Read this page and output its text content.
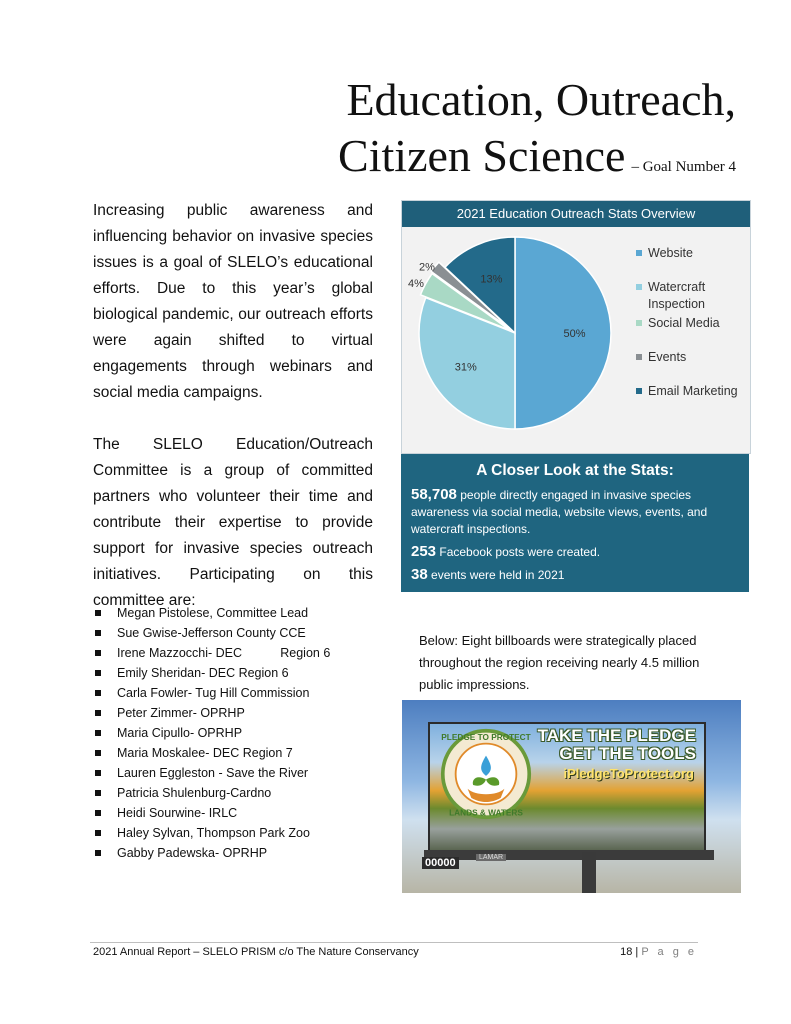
Education, Outreach,
Citizen Science – Goal Number 4

Increasing public awareness and influencing behavior on invasive species issues is a goal of SLELO’s educational efforts. Due to this year’s global biological pandemic, our outreach efforts were again shifted to virtual engagements through webinars and social media campaigns.

The SLELO Education/Outreach Committee is a group of committed partners who volunteer their time and contribute their expertise to provide support for invasive species outreach initiatives. Participating on this committee are:

Megan Pistolese, Committee Lead
Sue Gwise-Jefferson County CCE
Irene Mazzocchi- DEC           Region 6
Emily Sheridan- DEC Region 6
Carla Fowler- Tug Hill Commission
Peter Zimmer- OPRHP
Maria Cipullo- OPRHP
Maria Moskalee- DEC Region 7
Lauren Eggleston - Save the River
Patricia Shulenburg-Cardno
Heidi Sourwine- IRLC
Haley Sylvan, Thompson Park Zoo
Gabby Padewska- OPRHP
2021 Education Outreach Stats Overview
50%
31%
4%
2%
13%
Website
Watercraft Inspection
Social Media
Events
Email Marketing
A Closer Look at the Stats:
58,708 people directly engaged in invasive species awareness via social media, website views, events, and watercraft inspections.
253 Facebook posts were created.
38 events were held in 2021
Below: Eight billboards were strategically placed throughout the region receiving nearly 4.5 million public impressions.
PLEDGE TO PROTECT
LANDS & WATERS
TAKE THE PLEDGE
GET THE TOOLS
iPledgeToProtect.org
00000	LAMAR
2021 Annual Report – SLELO PRISM c/o The Nature Conservancy	18 | P a g e
